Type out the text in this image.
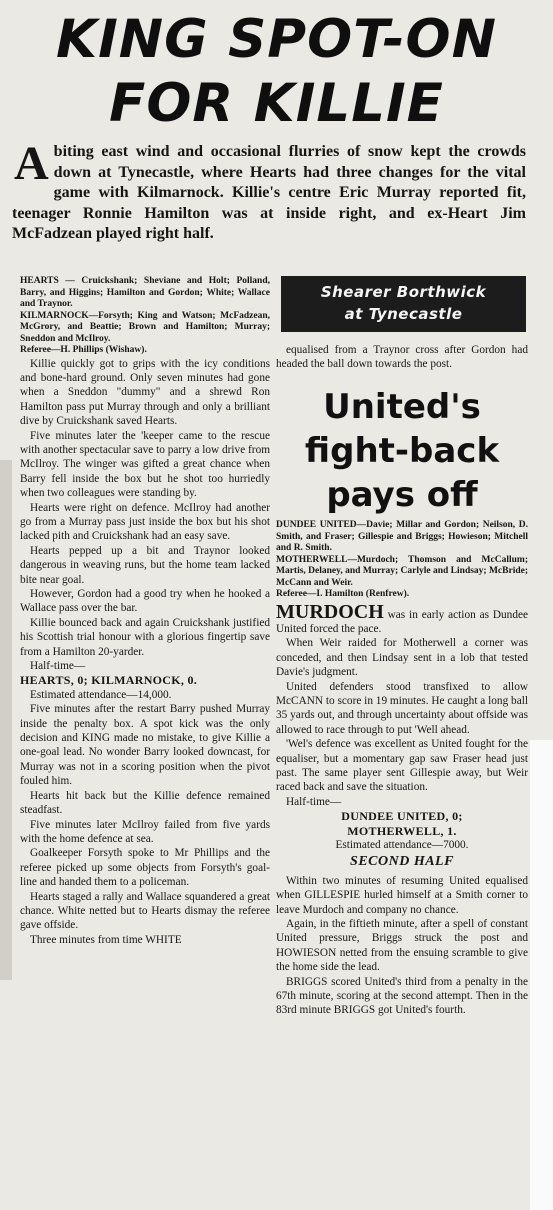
KING SPOT-ON
FOR KILLIE
A biting east wind and occasional flurries of snow kept the crowds down at Tynecastle, where Hearts had three changes for the vital game with Kilmarnock. Killie's centre Eric Murray reported fit, teenager Ronnie Hamilton was at inside right, and ex-Heart Jim McFadzean played right half.

HEARTS — Cruickshank; Sheviane and Holt; Polland, Barry, and Higgins; Hamilton and Gordon; White; Wallace and Traynor.

KILMARNOCK—Forsyth; King and Watson; McFadzean, McGrory, and Beattie; Brown and Hamilton; Murray; Sneddon and McIlroy.

Referee—H. Phillips (Wishaw).

Killie quickly got to grips with the icy conditions and bone-hard ground. Only seven minutes had gone when a Sneddon "dummy" and a shrewd Ron Hamilton pass put Murray through and only a brilliant dive by Cruickshank saved Hearts.

Five minutes later the 'keeper came to the rescue with another spectacular save to parry a low drive from McIlroy. The winger was gifted a great chance when Barry fell inside the box but he shot too hurriedly when two colleagues were standing by.

Hearts were right on defence. McIlroy had another go from a Murray pass just inside the box but his shot lacked pith and Cruickshank had an easy save.

Hearts pepped up a bit and Traynor looked dangerous in weaving runs, but the home team lacked bite near goal.

However, Gordon had a good try when he hooked a Wallace pass over the bar.

Killie bounced back and again Cruickshank justified his Scottish trial honour with a glorious fingertip save from a Hamilton 20-yarder.

Half-time—

HEARTS, 0; KILMARNOCK, 0.

Estimated attendance—14,000.

Five minutes after the restart Barry pushed Murray inside the penalty box. A spot kick was the only decision and KING made no mistake, to give Killie a one-goal lead. No wonder Barry looked downcast, for Murray was not in a scoring position when the pivot fouled him.

Hearts hit back but the Killie defence remained steadfast.

Five minutes later McIlroy failed from five yards with the home defence at sea.

Goalkeeper Forsyth spoke to Mr Phillips and the referee picked up some objects from Forsyth's goal-line and handed them to a policeman.

Hearts staged a rally and Wallace squandered a great chance. White netted but to Hearts dismay the referee gave offside.

Three minutes from time WHITE

Shearer Borthwick
at Tynecastle

equalised from a Traynor cross after Gordon had headed the ball down towards the post.

United's
fight-back
pays off

DUNDEE UNITED—Davie; Millar and Gordon; Neilson, D. Smith, and Fraser; Gillespie and Briggs; Howieson; Mitchell and R. Smith.

MOTHERWELL—Murdoch; Thomson and McCallum; Martis, Delaney, and Murray; Carlyle and Lindsay; McBride; McCann and Weir.

Referee—I. Hamilton (Renfrew).

MURDOCH was in early action as Dundee United forced the pace.

When Weir raided for Motherwell a corner was conceded, and then Lindsay sent in a lob that tested Davie's judgment.

United defenders stood transfixed to allow McCANN to score in 19 minutes. He caught a long ball 35 yards out, and through uncertainty about offside was allowed to race through to put 'Well ahead.

'Wel's defence was excellent as United fought for the equaliser, but a momentary gap saw Fraser head just past. The same player sent Gillespie away, but Weir raced back and save the situation.

Half-time—

DUNDEE UNITED, 0;

MOTHERWELL, 1.

Estimated attendance—7000.

SECOND HALF

Within two minutes of resuming United equalised when GILLESPIE hurled himself at a Smith corner to leave Murdoch and company no chance.

Again, in the fiftieth minute, after a spell of constant United pressure, Briggs struck the post and HOWIESON netted from the ensuing scramble to give the home side the lead.

BRIGGS scored United's third from a penalty in the 67th minute, scoring at the second attempt. Then in the 83rd minute BRIGGS got United's fourth.
